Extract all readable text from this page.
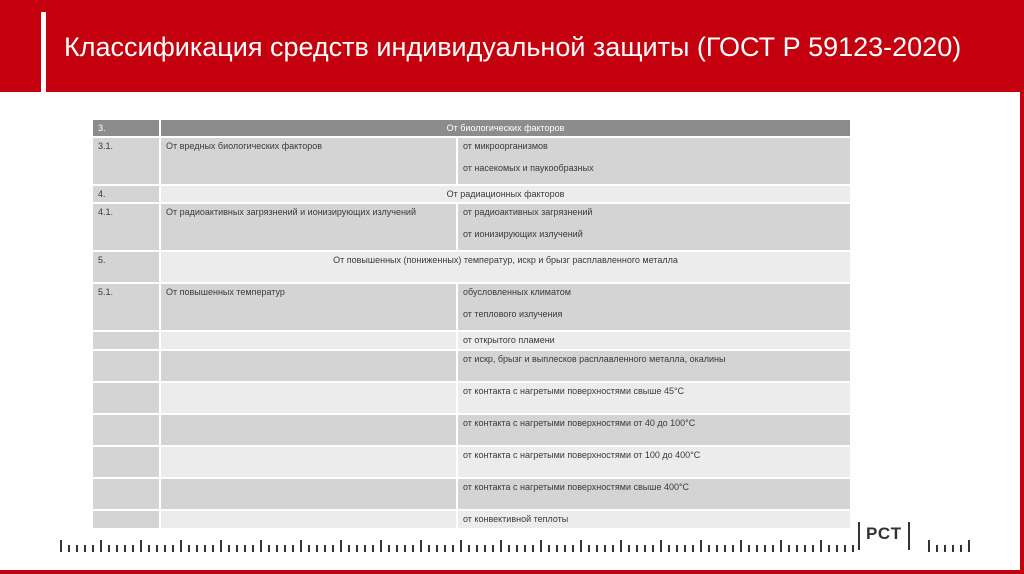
Классификация средств индивидуальной защиты (ГОСТ Р 59123-2020)
3.	От биологических факторов	
3.1.	От вредных биологических факторов	от микроорганизмов
от насекомых и паукообразных
4.	От радиационных факторов	
4.1.	От радиоактивных загрязнений и ионизирующих излучений	от радиоактивных загрязнений
от ионизирующих излучений
5.	От повышенных (пониженных) температур, искр и брызг расплавленного металла	
5.1.	От повышенных температур	обусловленных климатом
от теплового излучения
		от открытого пламени
		от искр, брызг и выплесков расплавленного металла, окалины
		от контакта с нагретыми поверхностями свыше 45°C
		от контакта с нагретыми поверхностями от 40 до 100°C
		от контакта с нагретыми поверхностями от 100 до 400°C
		от контакта с нагретыми поверхностями свыше 400°C
		от конвективной теплоты
РСТ
